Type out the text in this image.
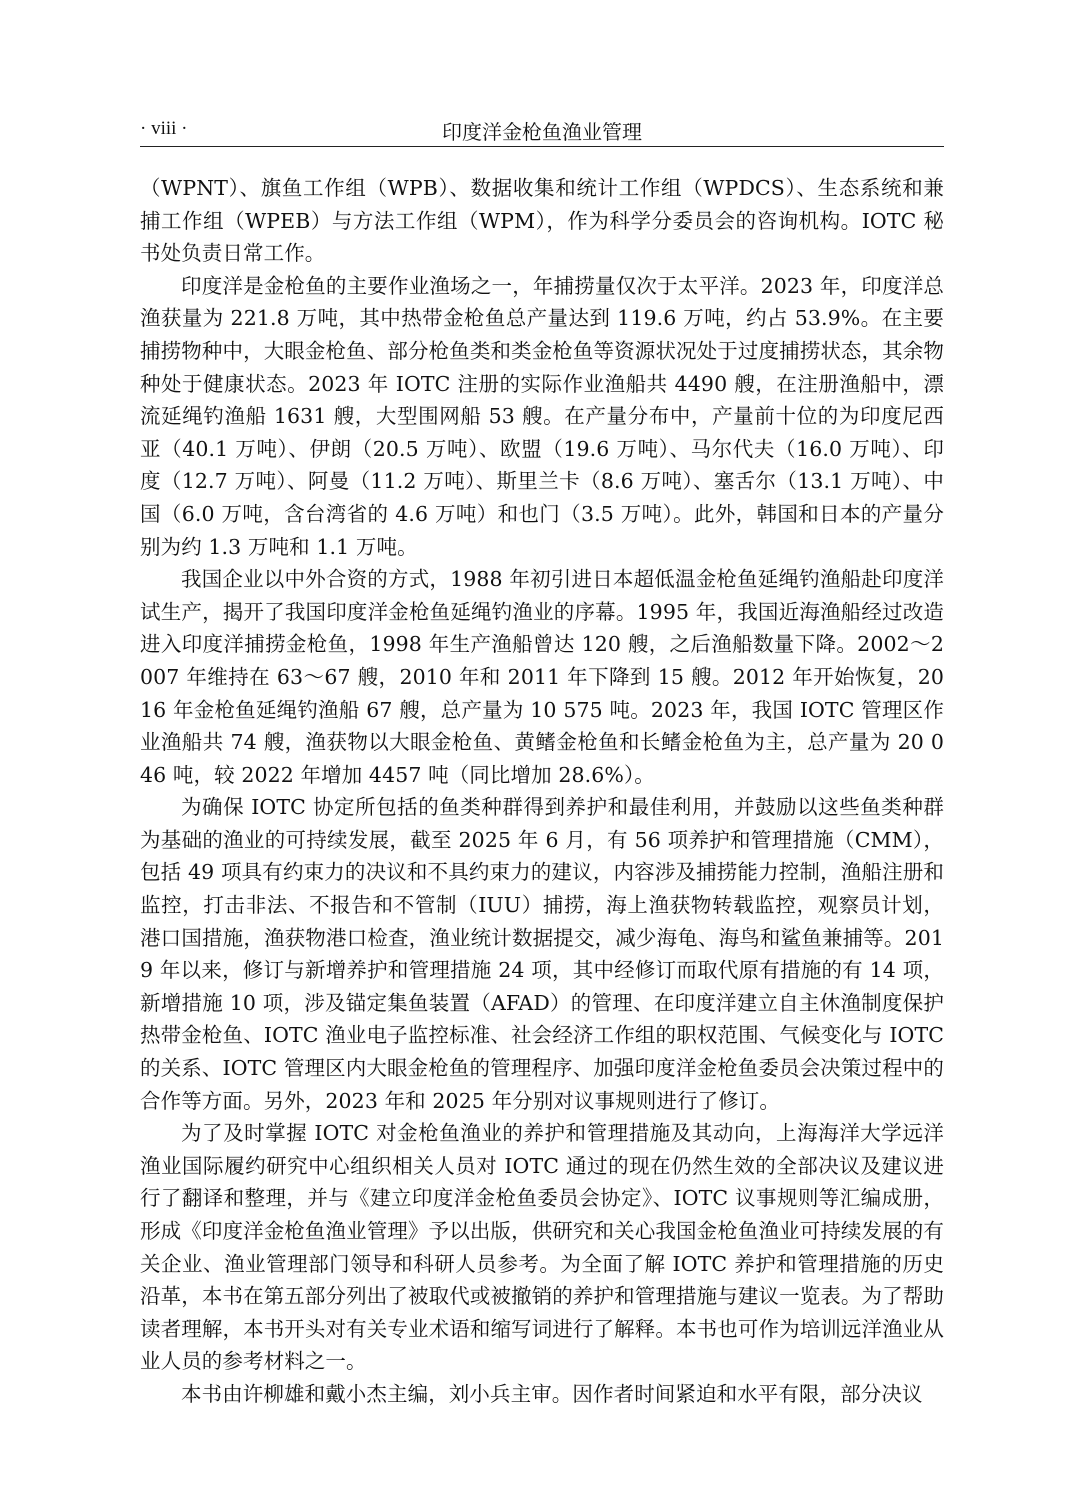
· viii ·	印度洋金枪鱼渔业管理

（WPNT）、旗鱼工作组（WPB）、数据收集和统计工作组（WPDCS）、生态系统和兼捕工作组（WPEB）与方法工作组（WPM），作为科学分委员会的咨询机构。IOTC 秘书处负责日常工作。

印度洋是金枪鱼的主要作业渔场之一，年捕捞量仅次于太平洋。2023 年，印度洋总渔获量为 221.8 万吨，其中热带金枪鱼总产量达到 119.6 万吨，约占 53.9%。在主要捕捞物种中，大眼金枪鱼、部分枪鱼类和类金枪鱼等资源状况处于过度捕捞状态，其余物种处于健康状态。2023 年 IOTC 注册的实际作业渔船共 4490 艘，在注册渔船中，漂流延绳钓渔船 1631 艘，大型围网船 53 艘。在产量分布中，产量前十位的为印度尼西亚（40.1 万吨）、伊朗（20.5 万吨）、欧盟（19.6 万吨）、马尔代夫（16.0 万吨）、印度（12.7 万吨）、阿曼（11.2 万吨）、斯里兰卡（8.6 万吨）、塞舌尔（13.1 万吨）、中国（6.0 万吨，含台湾省的 4.6 万吨）和也门（3.5 万吨）。此外，韩国和日本的产量分别为约 1.3 万吨和 1.1 万吨。

我国企业以中外合资的方式，1988 年初引进日本超低温金枪鱼延绳钓渔船赴印度洋试生产，揭开了我国印度洋金枪鱼延绳钓渔业的序幕。1995 年，我国近海渔船经过改造进入印度洋捕捞金枪鱼，1998 年生产渔船曾达 120 艘，之后渔船数量下降。2002～2007 年维持在 63～67 艘，2010 年和 2011 年下降到 15 艘。2012 年开始恢复，2016 年金枪鱼延绳钓渔船 67 艘，总产量为 10 575 吨。2023 年，我国 IOTC 管理区作业渔船共 74 艘，渔获物以大眼金枪鱼、黄鳍金枪鱼和长鳍金枪鱼为主，总产量为 20 046 吨，较 2022 年增加 4457 吨（同比增加 28.6%）。

为确保 IOTC 协定所包括的鱼类种群得到养护和最佳利用，并鼓励以这些鱼类种群为基础的渔业的可持续发展，截至 2025 年 6 月，有 56 项养护和管理措施（CMM），包括 49 项具有约束力的决议和不具约束力的建议，内容涉及捕捞能力控制，渔船注册和监控，打击非法、不报告和不管制（IUU）捕捞，海上渔获物转载监控，观察员计划，港口国措施，渔获物港口检查，渔业统计数据提交，减少海龟、海鸟和鲨鱼兼捕等。2019 年以来，修订与新增养护和管理措施 24 项，其中经修订而取代原有措施的有 14 项，新增措施 10 项，涉及锚定集鱼装置（AFAD）的管理、在印度洋建立自主休渔制度保护热带金枪鱼、IOTC 渔业电子监控标准、社会经济工作组的职权范围、气候变化与 IOTC 的关系、IOTC 管理区内大眼金枪鱼的管理程序、加强印度洋金枪鱼委员会决策过程中的合作等方面。另外，2023 年和 2025 年分别对议事规则进行了修订。

为了及时掌握 IOTC 对金枪鱼渔业的养护和管理措施及其动向，上海海洋大学远洋渔业国际履约研究中心组织相关人员对 IOTC 通过的现在仍然生效的全部决议及建议进行了翻译和整理，并与《建立印度洋金枪鱼委员会协定》、IOTC 议事规则等汇编成册，形成《印度洋金枪鱼渔业管理》予以出版，供研究和关心我国金枪鱼渔业可持续发展的有关企业、渔业管理部门领导和科研人员参考。为全面了解 IOTC 养护和管理措施的历史沿革，本书在第五部分列出了被取代或被撤销的养护和管理措施与建议一览表。为了帮助读者理解，本书开头对有关专业术语和缩写词进行了解释。本书也可作为培训远洋渔业从业人员的参考材料之一。

本书由许柳雄和戴小杰主编，刘小兵主审。因作者时间紧迫和水平有限，部分决议
